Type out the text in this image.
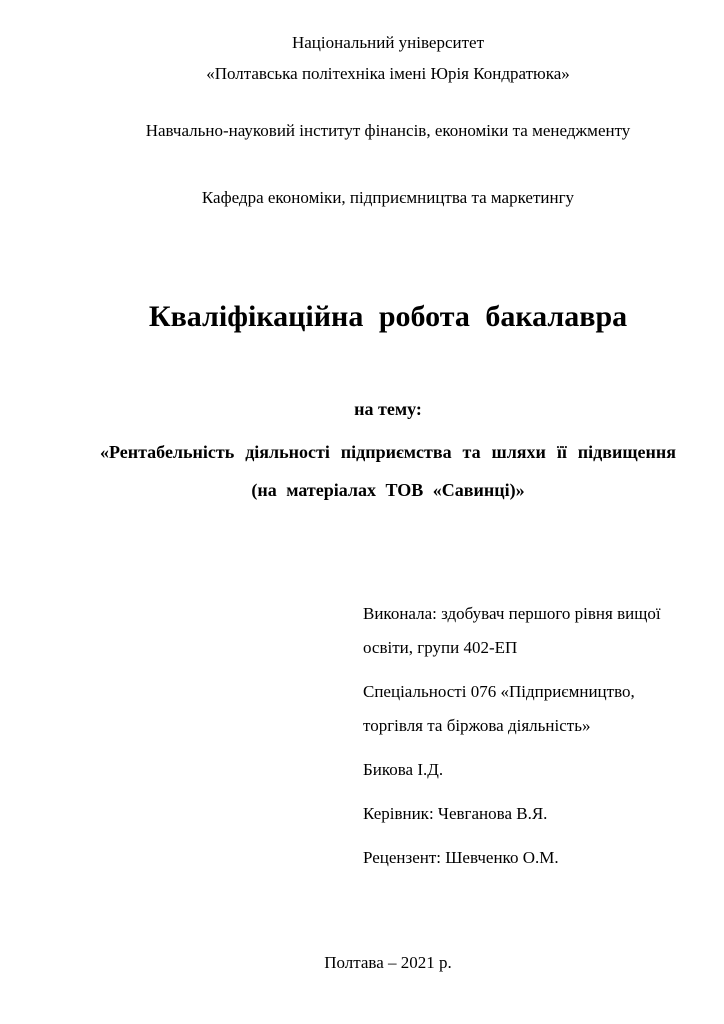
Національний університет
«Полтавська політехніка імені Юрія Кондратюка»
Навчально-науковий інститут фінансів, економіки та менеджменту
Кафедра економіки, підприємництва та маркетингу
Кваліфікаційна робота бакалавра
на тему:
«Рентабельність діяльності підприємства та шляхи її підвищення
(на матеріалах ТОВ «Савинці)»
Виконала: здобувач першого рівня вищої
освіти, групи 402-ЕП
Спеціальності 076 «Підприємництво,
торгівля та біржова діяльність»
Бикова І.Д.
Керівник: Чевганова В.Я.
Рецензент: Шевченко О.М.
Полтава – 2021 р.
